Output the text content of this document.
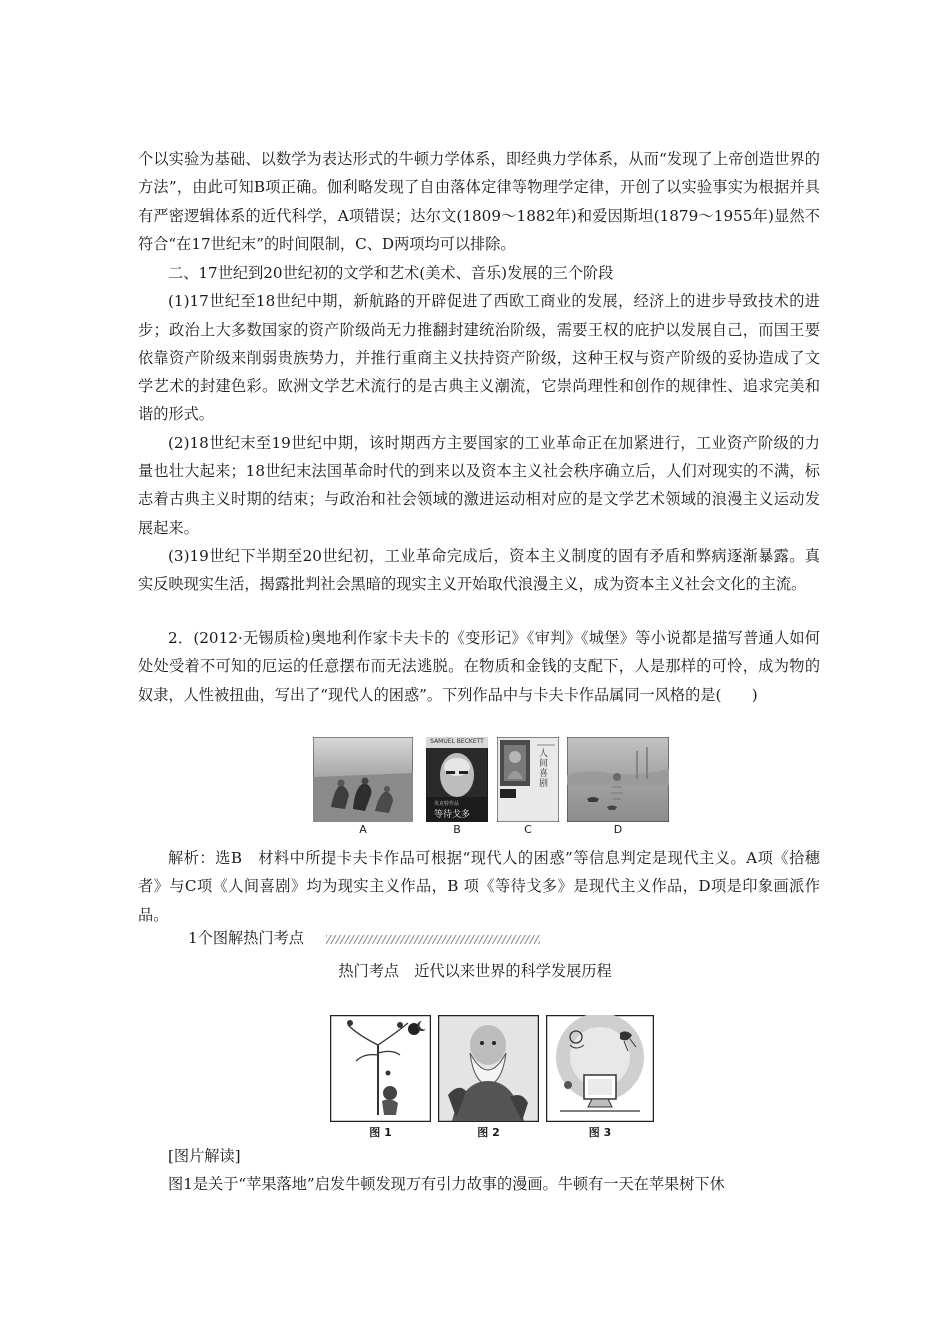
个以实验为基础、以数学为表达形式的牛顿力学体系，即经典力学体系，从而“发现了上帝创造世界的方法”，由此可知B项正确。伽利略发现了自由落体定律等物理学定律，开创了以实验事实为根据并具有严密逻辑体系的近代科学，A项错误；达尔文(1809～1882年)和爱因斯坦(1879～1955年)显然不符合“在17世纪末”的时间限制，C、D两项均可以排除。

二、17世纪到20世纪初的文学和艺术(美术、音乐)发展的三个阶段

(1)17世纪至18世纪中期，新航路的开辟促进了西欧工商业的发展，经济上的进步导致技术的进步；政治上大多数国家的资产阶级尚无力推翻封建统治阶级，需要王权的庇护以发展自己，而国王要依靠资产阶级来削弱贵族势力，并推行重商主义扶持资产阶级，这种王权与资产阶级的妥协造成了文学艺术的封建色彩。欧洲文学艺术流行的是古典主义潮流，它崇尚理性和创作的规律性、追求完美和谐的形式。

(2)18世纪末至19世纪中期，该时期西方主要国家的工业革命正在加紧进行，工业资产阶级的力量也壮大起来；18世纪末法国革命时代的到来以及资本主义社会秩序确立后，人们对现实的不满，标志着古典主义时期的结束；与政治和社会领域的激进运动相对应的是文学艺术领域的浪漫主义运动发展起来。

(3)19世纪下半期至20世纪初，工业革命完成后，资本主义制度的固有矛盾和弊病逐渐暴露。真实反映现实生活，揭露批判社会黑暗的现实主义开始取代浪漫主义，成为资本主义社会文化的主流。

2．(2012·无锡质检)奥地利作家卡夫卡的《变形记》《审判》《城堡》等小说都是描写普通人如何处处受着不可知的厄运的任意摆布而无法逃脱。在物质和金钱的支配下，人是那样的可怜，成为物的奴隶，人性被扭曲，写出了“现代人的困惑”。下列作品中与卡夫卡作品属同一风格的是(　　)

A
SAMUEL BECKETT
贝克特作品
等待戈多
B
人间喜剧
C	D

解析：选B　材料中所提卡夫卡作品可根据“现代人的困惑”等信息判定是现代主义。A项《拾穗者》与C项《人间喜剧》均为现实主义作品，B 项《等待戈多》是现代主义作品，D项是印象画派作品。

1个图解热门考点
热门考点　近代以来世界的科学发展历程
图 1	图 2	图 3

[图片解读]

图1是关于“苹果落地”启发牛顿发现万有引力故事的漫画。牛顿有一天在苹果树下休
